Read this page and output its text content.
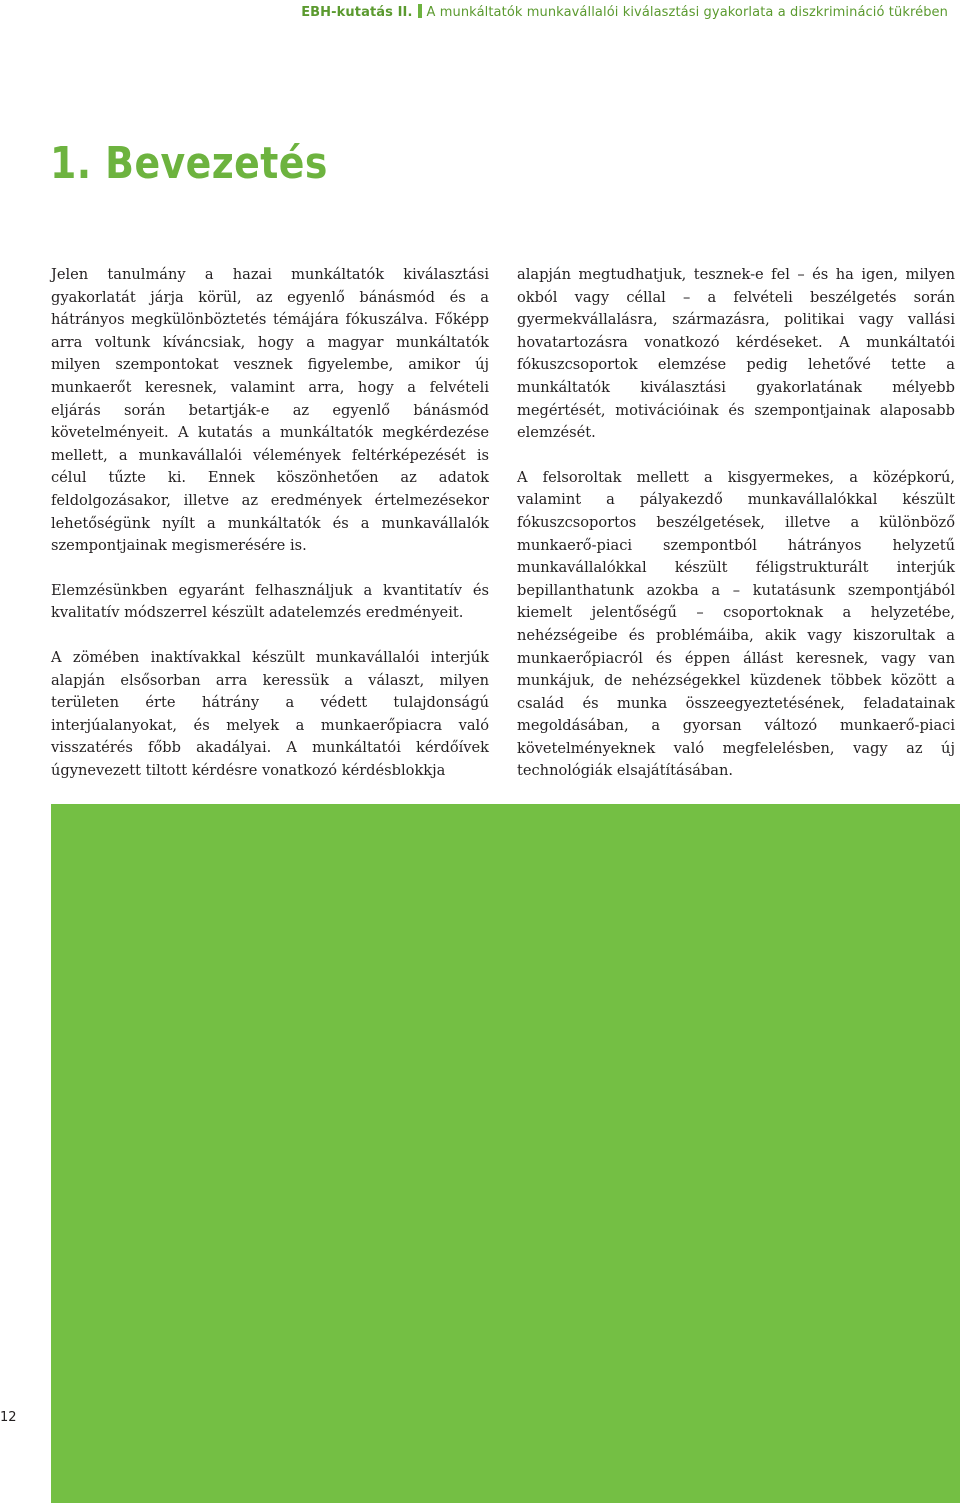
EBH-kutatás II. A munkáltatók munkavállalói kiválasztási gyakorlata a diszkrimináció tükrében
1. Bevezetés

Jelen tanulmány a hazai munkáltatók kiválasztási gyakorlatát járja körül, az egyenlő bánásmód és a hátrányos megkülönböztetés témájára fókuszálva. Főképp arra voltunk kíváncsiak, hogy a magyar munkáltatók milyen szempontokat vesznek figyelembe, amikor új munkaerőt keresnek, valamint arra, hogy a felvételi eljárás során betartják-e az egyenlő bánásmód követelményeit. A kutatás a munkáltatók megkérdezése mellett, a munkavállalói vélemények feltérképezését is célul tűzte ki. Ennek köszönhetően az adatok feldolgozásakor, illetve az eredmények értelmezésekor lehetőségünk nyílt a munkáltatók és a munkavállalók szempontjainak megismerésére is.

Elemzésünkben egyaránt felhasználjuk a kvantitatív és kvalitatív módszerrel készült adatelemzés eredményeit.

A zömében inaktívakkal készült munkavállalói interjúk alapján elsősorban arra keressük a választ, milyen területen érte hátrány a védett tulajdonságú interjúalanyokat, és melyek a munkaerőpiacra való visszatérés főbb akadályai. A munkáltatói kérdőívek úgynevezett tiltott kérdésre vonatkozó kérdésblokkja

alapján megtudhatjuk, tesznek-e fel – és ha igen, milyen okból vagy céllal – a felvételi beszélgetés során gyermekvállalásra, származásra, politikai vagy vallási hovatartozásra vonatkozó kérdéseket. A munkáltatói fókuszcsoportok elemzése pedig lehetővé tette a munkáltatók kiválasztási gyakorlatának mélyebb megértését, motivációinak és szempontjainak alaposabb elemzését.

A felsoroltak mellett a kisgyermekes, a középkorú, valamint a pályakezdő munkavállalókkal készült fókuszcsoportos beszélgetések, illetve a különböző munkaerő-piaci szempontból hátrányos helyzetű munkavállalókkal készült féligstrukturált interjúk bepillanthatunk azokba a – kutatásunk szempontjából kiemelt jelentőségű – csoportoknak a helyzetébe, nehézségeibe és problémáiba, akik vagy kiszorultak a munkaerőpiacról és éppen állást keresnek, vagy van munkájuk, de nehézségekkel küzdenek többek között a család és munka összeegyeztetésének, feladatainak megoldásában, a gyorsan változó munkaerő-piaci követelményeknek való megfelelésben, vagy az új technológiák elsajátításában.

12
